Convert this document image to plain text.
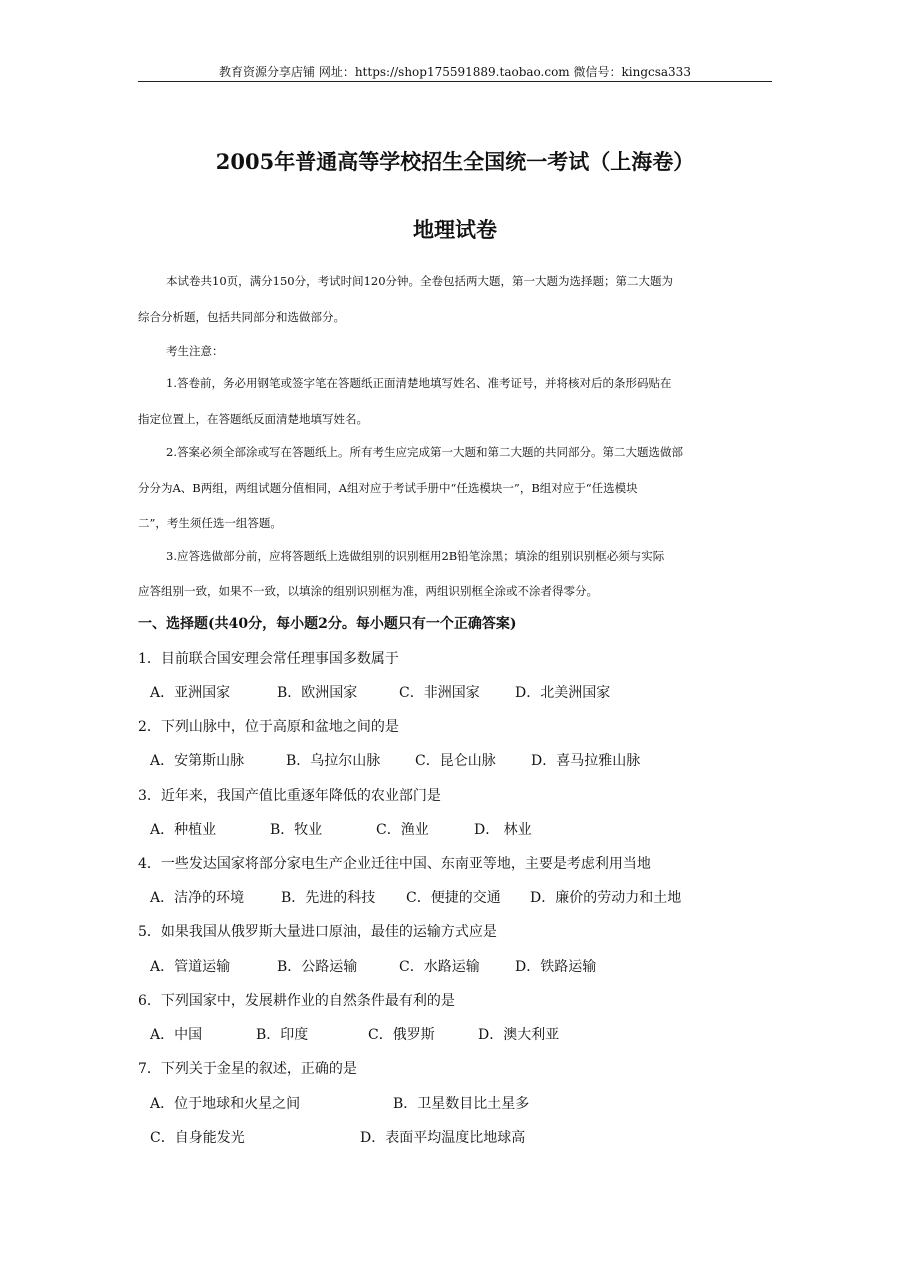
教育资源分享店铺 网址：https://shop175591889.taobao.com 微信号：kingcsa333
2005年普通高等学校招生全国统一考试（上海卷）
地理试卷
本试卷共10页，满分150分，考试时间120分钟。全卷包括两大题，第一大题为选择题；第二大题为
综合分析题，包括共同部分和选做部分。
考生注意：
1.答卷前，务必用钢笔或签字笔在答题纸正面清楚地填写姓名、准考证号，并将核对后的条形码贴在
指定位置上，在答题纸反面清楚地填写姓名。
2.答案必须全部涂或写在答题纸上。所有考生应完成第一大题和第二大题的共同部分。第二大题选做部
分分为A、B两组，两组试题分值相同，A组对应于考试手册中“任选模块一”，B组对应于“任选模块
二”，考生须任选一组答题。
3.应答选做部分前，应将答题纸上选做组别的识别框用2B铅笔涂黑；填涂的组别识别框必须与实际
应答组别一致，如果不一致，以填涂的组别识别框为准，两组识别框全涂或不涂者得零分。
一、选择题(共40分，每小题2分。每小题只有一个正确答案)
1．目前联合国安理会常任理事国多数属于
A．亚洲国家	B．欧洲国家	C．非洲国家	D．北美洲国家
2．下列山脉中，位于高原和盆地之间的是
A．安第斯山脉	B．乌拉尔山脉 C．昆仑山脉	D．喜马拉雅山脉
3．近年来，我国产值比重逐年降低的农业部门是
A．种植业	B．牧业	C．渔业	D． 林业
4．一些发达国家将部分家电生产企业迁往中国、东南亚等地，主要是考虑利用当地
A．洁净的环境	B．先进的科技 C．便捷的交通 D．廉价的劳动力和土地
5．如果我国从俄罗斯大量进口原油，最佳的运输方式应是
A．管道运输	B．公路运输	C．水路运输	D．铁路运输
6．下列国家中，发展耕作业的自然条件最有利的是
A．中国	B．印度	C．俄罗斯	D．澳大利亚
7．下列关于金星的叙述，正确的是
A．位于地球和火星之间	B．卫星数目比土星多
C．自身能发光	D．表面平均温度比地球高
